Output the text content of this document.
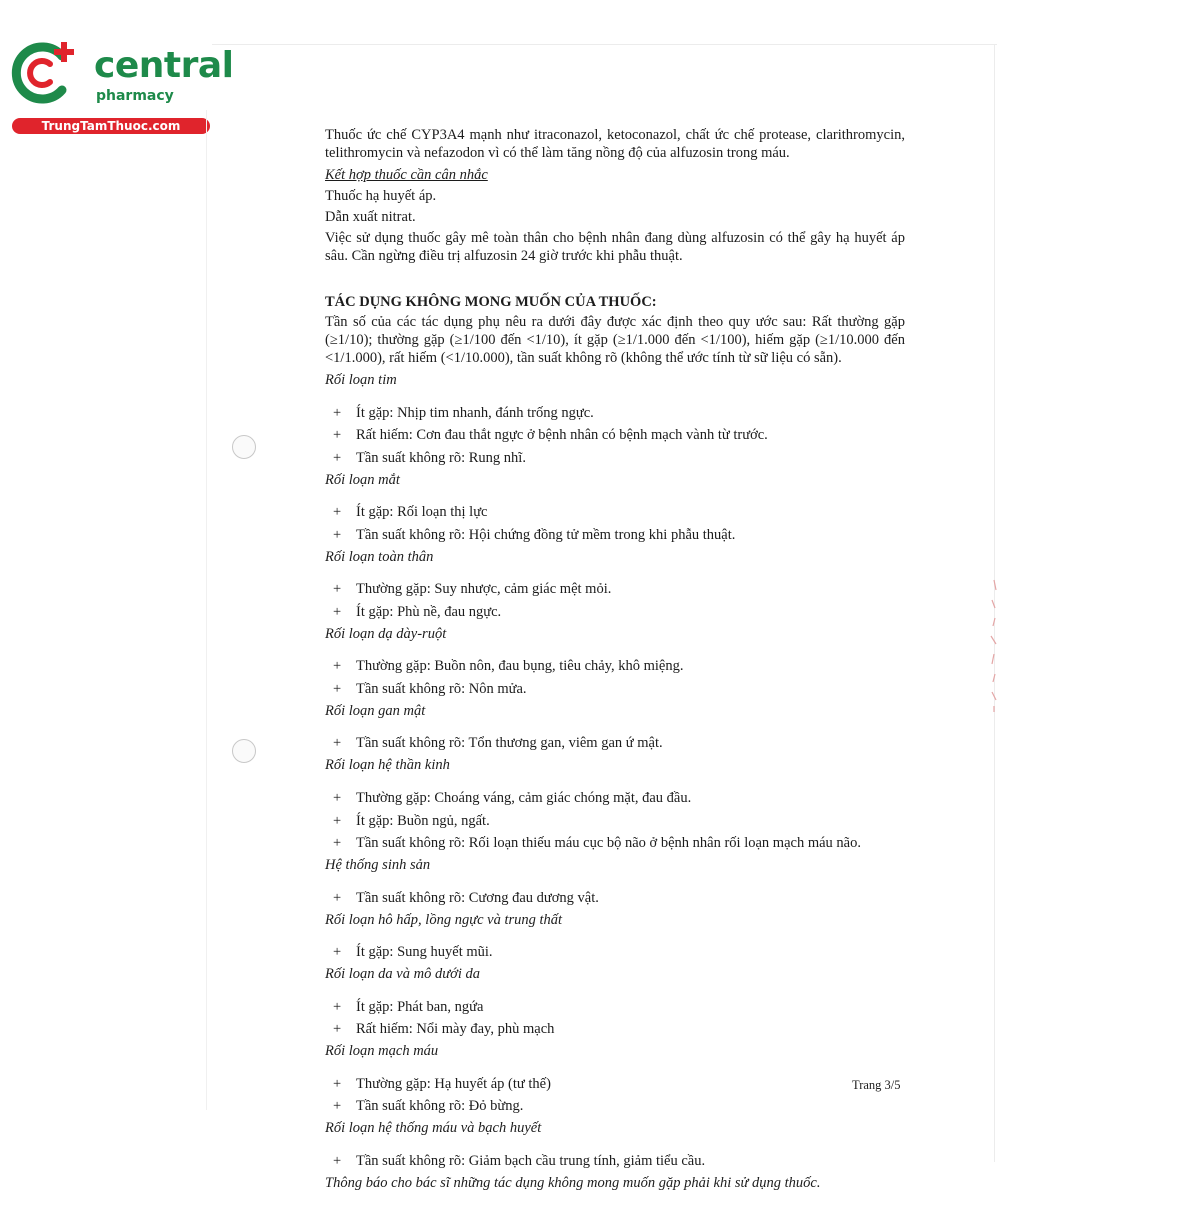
central
pharmacy
TrungTamThuoc.com

Thuốc ức chế CYP3A4 mạnh như itraconazol, ketoconazol, chất ức chế protease, clarithromycin, telithromycin và nefazodon vì có thể làm tăng nồng độ của alfuzosin trong máu.

Kết hợp thuốc cần cân nhắc

Thuốc hạ huyết áp.

Dẫn xuất nitrat.

Việc sử dụng thuốc gây mê toàn thân cho bệnh nhân đang dùng alfuzosin có thể gây hạ huyết áp sâu. Cần ngừng điều trị alfuzosin 24 giờ trước khi phẫu thuật.

TÁC DỤNG KHÔNG MONG MUỐN CỦA THUỐC:

Tần số của các tác dụng phụ nêu ra dưới đây được xác định theo quy ước sau: Rất thường gặp (≥1/10); thường gặp (≥1/100 đến <1/10), ít gặp (≥1/1.000 đến <1/100), hiếm gặp (≥1/10.000 đến <1/1.000), rất hiếm (<1/10.000), tần suất không rõ (không thể ước tính từ sữ liệu có sẵn).

Rối loạn tim

+	Ít gặp: Nhịp tim nhanh, đánh trống ngực.
+	Rất hiếm: Cơn đau thắt ngực ở bệnh nhân có bệnh mạch vành từ trước.
+	Tần suất không rõ: Rung nhĩ.

Rối loạn mắt

+	Ít gặp: Rối loạn thị lực
+	Tần suất không rõ: Hội chứng đồng tử mềm trong khi phẫu thuật.

Rối loạn toàn thân

+	Thường gặp: Suy nhược, cảm giác mệt mỏi.
+	Ít gặp: Phù nề, đau ngực.

Rối loạn dạ dày-ruột

+	Thường gặp: Buồn nôn, đau bụng, tiêu chảy, khô miệng.
+	Tần suất không rõ: Nôn mửa.

Rối loạn gan mật

+	Tần suất không rõ: Tổn thương gan, viêm gan ứ mật.

Rối loạn hệ thần kinh

+	Thường gặp: Choáng váng, cảm giác chóng mặt, đau đầu.
+	Ít gặp: Buồn ngủ, ngất.
+	Tần suất không rõ: Rối loạn thiếu máu cục bộ não ở bệnh nhân rối loạn mạch máu não.

Hệ thống sinh sản

+	Tần suất không rõ: Cương đau dương vật.

Rối loạn hô hấp, lồng ngực và trung thất

+	Ít gặp: Sung huyết mũi.

Rối loạn da và mô dưới da

+	Ít gặp: Phát ban, ngứa
+	Rất hiếm: Nổi mày đay, phù mạch

Rối loạn mạch máu

+	Thường gặp: Hạ huyết áp (tư thế)
+	Tần suất không rõ: Đỏ bừng.

Rối loạn hệ thống máu và bạch huyết

+	Tần suất không rõ: Giảm bạch cầu trung tính, giảm tiểu cầu.

Thông báo cho bác sĩ những tác dụng không mong muốn gặp phải khi sử dụng thuốc.

Trang 3/5
